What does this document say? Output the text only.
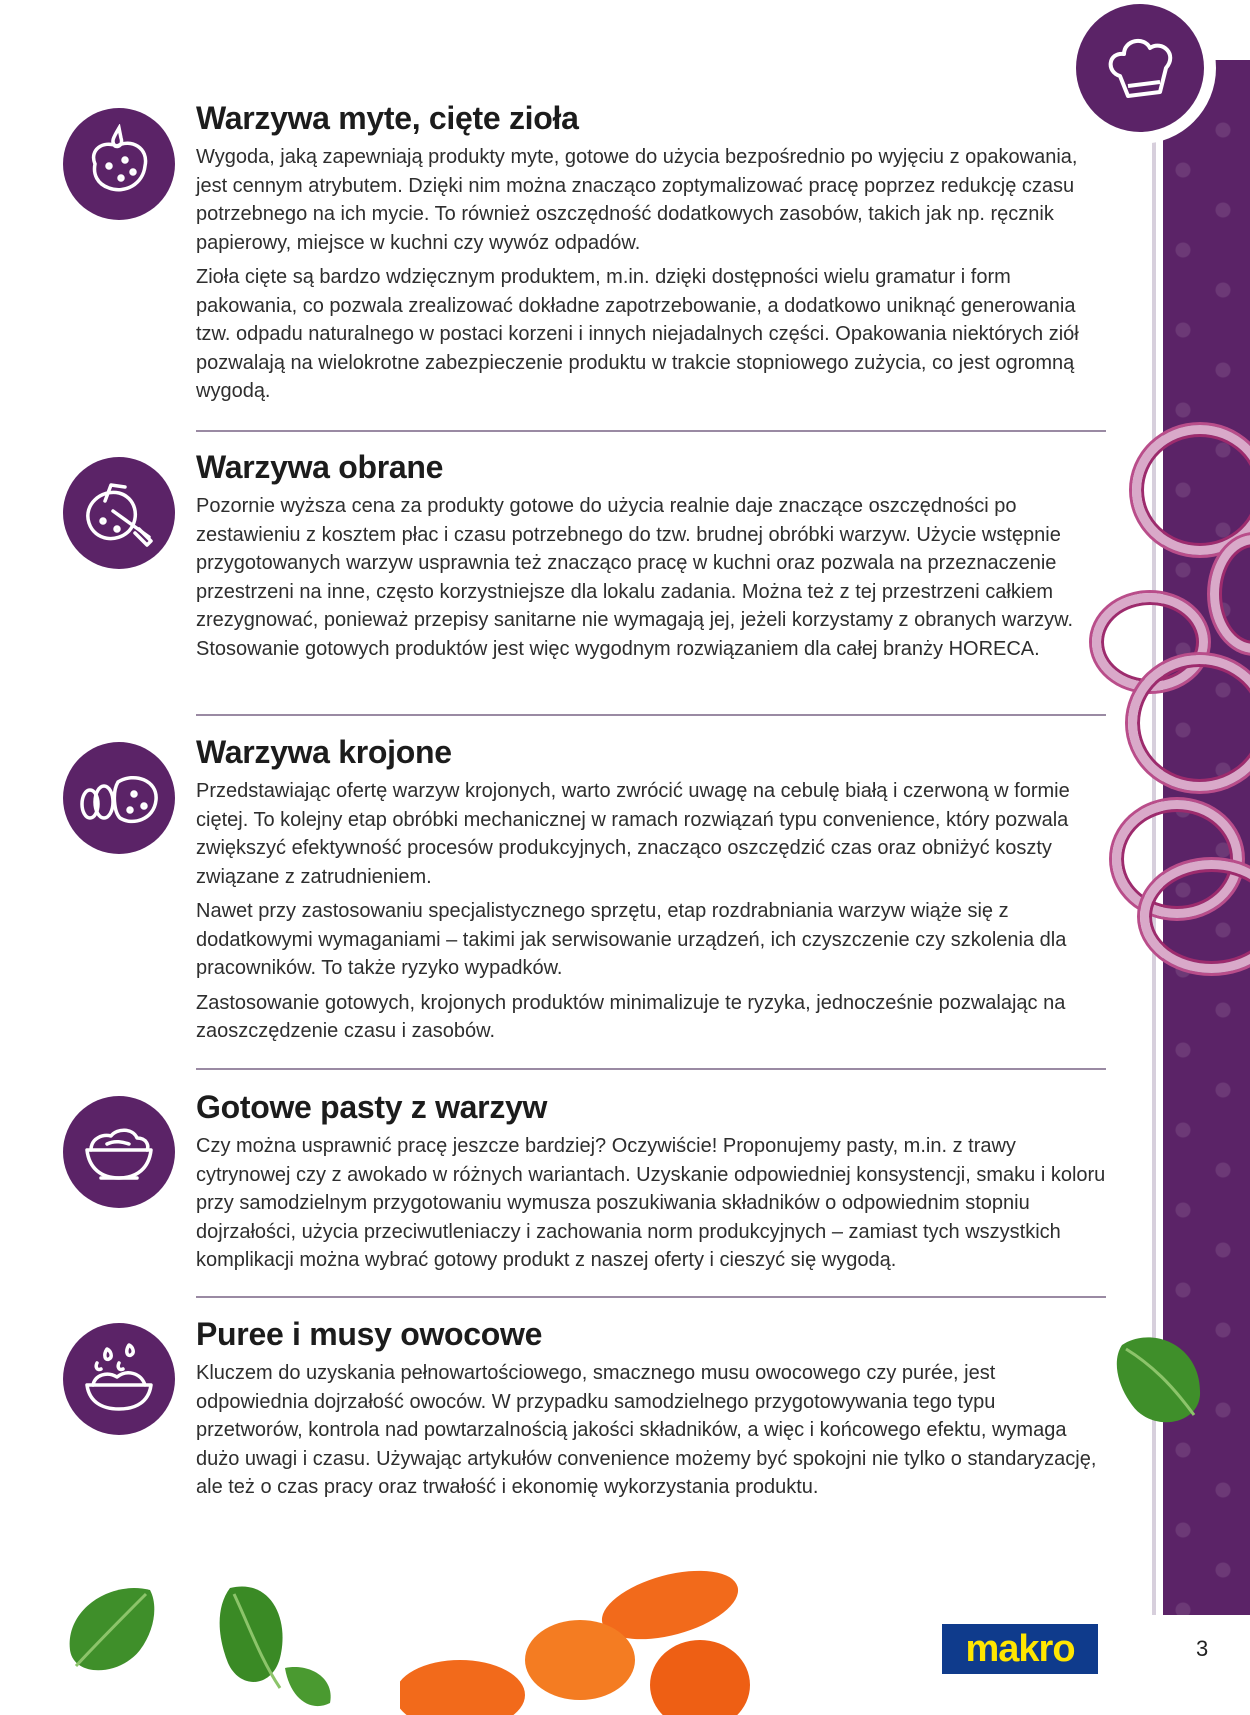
Warzywa myte, cięte zioła

Wygoda, jaką zapewniają produkty myte, gotowe do użycia bezpośrednio po wyjęciu z opakowania, jest cennym atrybutem. Dzięki nim można znacząco zoptymalizować pracę poprzez redukcję czasu potrzebnego na ich mycie. To również oszczędność dodatkowych zasobów, takich jak np. ręcznik papierowy, miejsce w kuchni czy wywóz odpadów.

Zioła cięte są bardzo wdzięcznym produktem, m.in. dzięki dostępności wielu gramatur i form pakowania, co pozwala zrealizować dokładne zapotrzebowanie, a dodatkowo uniknąć generowania tzw. odpadu naturalnego w postaci korzeni i innych niejadalnych części. Opakowania niektórych ziół pozwalają na wielokrotne zabezpieczenie produktu w trakcie stopniowego zużycia, co jest ogromną wygodą.

Warzywa obrane

Pozornie wyższa cena za produkty gotowe do użycia realnie daje znaczące oszczędności po zestawieniu z kosztem płac i czasu potrzebnego do tzw. brudnej obróbki warzyw. Użycie wstępnie przygotowanych warzyw usprawnia też znacząco pracę w kuchni oraz pozwala na przeznaczenie przestrzeni na inne, często korzystniejsze dla lokalu zadania. Można też z tej przestrzeni całkiem zrezygnować, ponieważ przepisy sanitarne nie wymagają jej, jeżeli korzystamy z obranych warzyw. Stosowanie gotowych produktów jest więc wygodnym rozwiązaniem dla całej branży HORECA.

Warzywa krojone

Przedstawiając ofertę warzyw krojonych, warto zwrócić uwagę na cebulę białą i czerwoną w formie ciętej. To kolejny etap obróbki mechanicznej w ramach rozwiązań typu convenience, który pozwala zwiększyć efektywność procesów produkcyjnych, znacząco oszczędzić czas oraz obniżyć koszty związane z zatrudnieniem.

Nawet przy zastosowaniu specjalistycznego sprzętu, etap rozdrabniania warzyw wiąże się z dodatkowymi wymaganiami – takimi jak serwisowanie urządzeń, ich czyszczenie czy szkolenia dla pracowników. To także ryzyko wypadków.

Zastosowanie gotowych, krojonych produktów minimalizuje te ryzyka, jednocześnie pozwalając na zaoszczędzenie czasu i zasobów.

Gotowe pasty z warzyw

Czy można usprawnić pracę jeszcze bardziej? Oczywiście! Proponujemy pasty, m.in. z trawy cytrynowej czy z awokado w różnych wariantach. Uzyskanie odpowiedniej konsystencji, smaku i koloru przy samodzielnym przygotowaniu wymusza poszukiwania składników o odpowiednim stopniu dojrzałości, użycia przeciwutleniaczy i zachowania norm produkcyjnych – zamiast tych wszystkich komplikacji można wybrać gotowy produkt z naszej oferty i cieszyć się wygodą.

Puree i musy owocowe

Kluczem do uzyskania pełnowartościowego, smacznego musu owocowego czy purée, jest odpowiednia dojrzałość owoców. W przypadku samodzielnego przygotowywania tego typu przetworów, kontrola nad powtarzalnością jakości składników, a więc i końcowego efektu, wymaga dużo uwagi i czasu. Używając artykułów convenience możemy być spokojni nie tylko o standaryzację, ale też o czas pracy oraz trwałość i ekonomię wykorzystania produktu.

makro	3
